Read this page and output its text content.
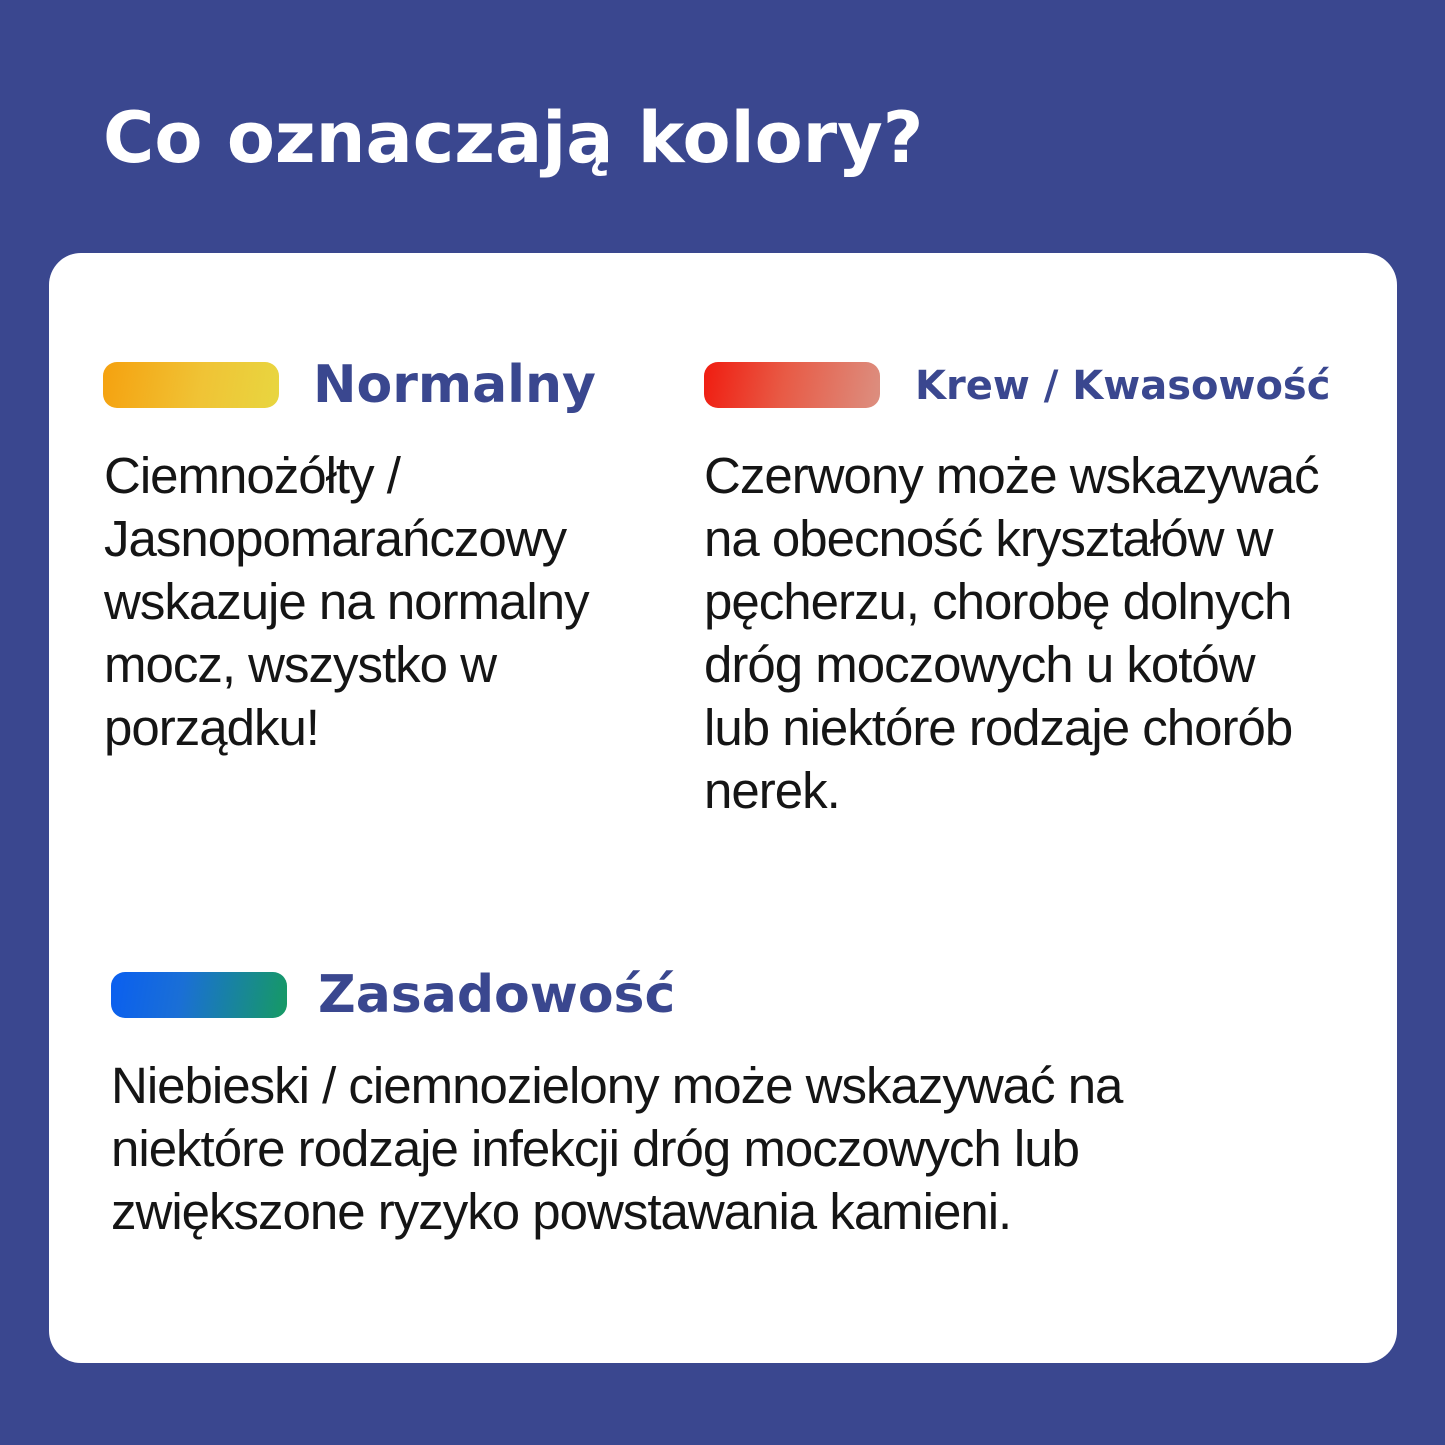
Co oznaczają kolory?
Normalny

Ciemnożółty /
Jasnopomarańczowy
wskazuje na normalny
mocz, wszystko w
porządku!

Krew / Kwasowość

Czerwony może wskazywać
na obecność kryształów w
pęcherzu, chorobę dolnych
dróg moczowych u kotów
lub niektóre rodzaje chorób
nerek.

Zasadowość

Niebieski / ciemnozielony może wskazywać na
niektóre rodzaje infekcji dróg moczowych lub
zwiększone ryzyko powstawania kamieni.
